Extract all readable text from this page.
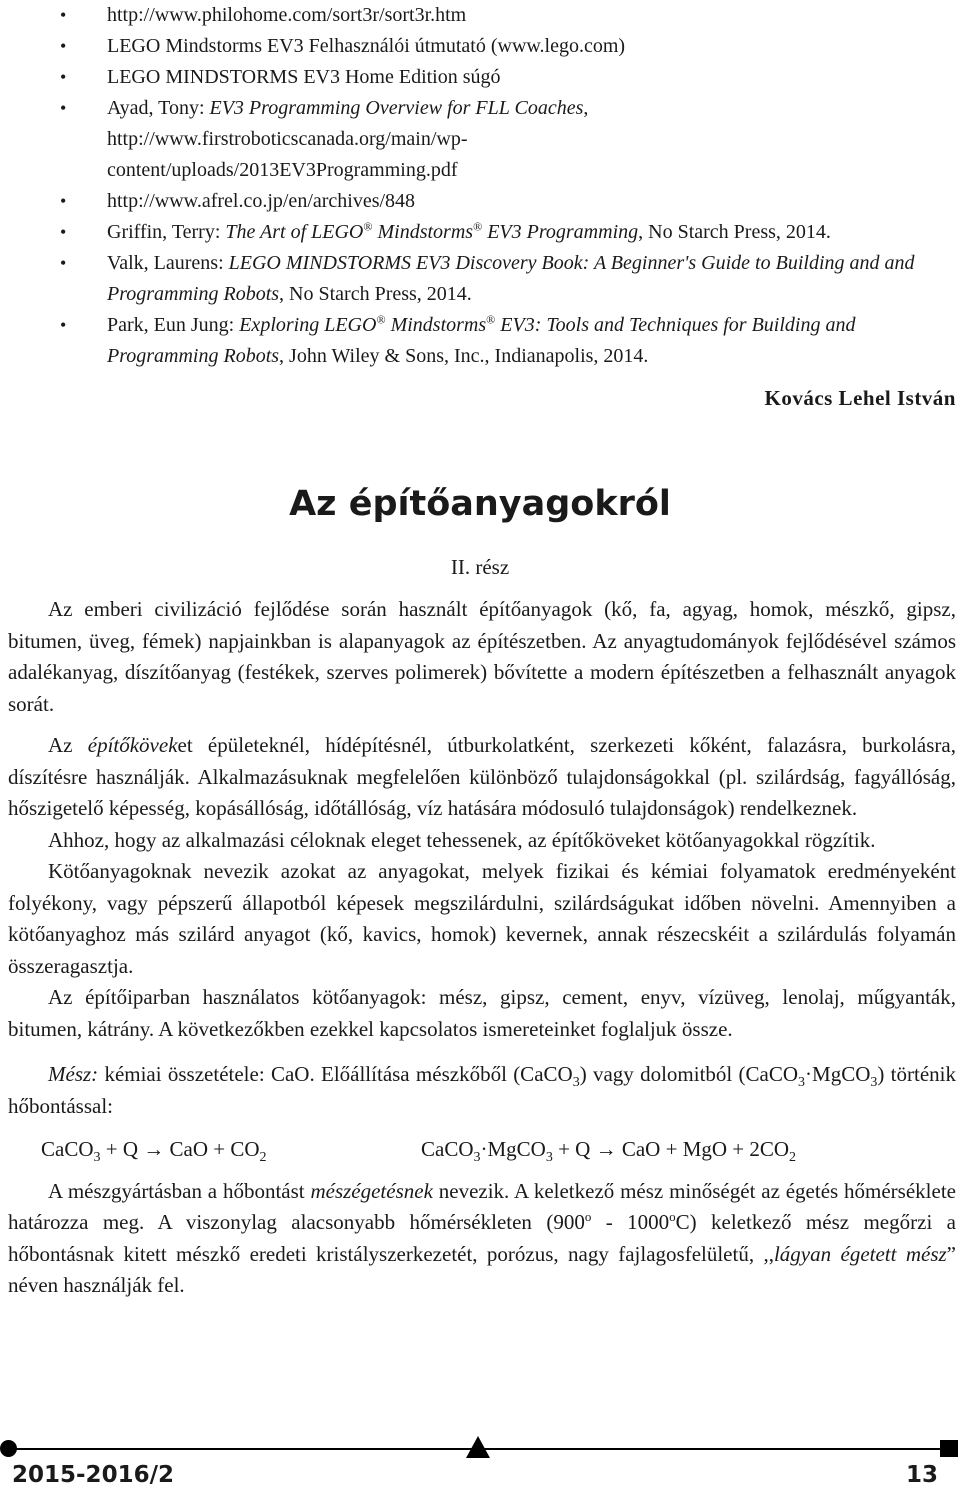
• http://www.philohome.com/sort3r/sort3r.htm
• LEGO Mindstorms EV3 Felhasználói útmutató (www.lego.com)
• LEGO MINDSTORMS EV3 Home Edition súgó
• Ayad, Tony: EV3 Programming Overview for FLL Coaches,
http://www.firstroboticscanada.org/main/wp-
content/uploads/2013EV3Programming.pdf
• http://www.afrel.co.jp/en/archives/848
• Griffin, Terry: The Art of LEGO® Mindstorms® EV3 Programming, No Starch Press, 2014.
• Valk, Laurens: LEGO MINDSTORMS EV3 Discovery Book: A Beginner's Guide to Building and and Programming Robots, No Starch Press, 2014.
• Park, Eun Jung: Exploring LEGO® Mindstorms® EV3: Tools and Techniques for Building and Programming Robots, John Wiley & Sons, Inc., Indianapolis, 2014.
Kovács Lehel István
Az építőanyagokról
II. rész

Az emberi civilizáció fejlődése során használt építőanyagok (kő, fa, agyag, homok, mészkő, gipsz, bitumen, üveg, fémek) napjainkban is alapanyagok az építészetben. Az anyagtudományok fejlődésével számos adalékanyag, díszítőanyag (festékek, szerves polimerek) bővítette a modern építészetben a felhasznált anyagok sorát.

Az építőköveket épületeknél, hídépítésnél, útburkolatként, szerkezeti kőként, falazásra, burkolásra, díszítésre használják. Alkalmazásuknak megfelelően különböző tulajdonságokkal (pl. szilárdság, fagyállóság, hőszigetelő képesség, kopásállóság, időtállóság, víz hatására módosuló tulajdonságok) rendelkeznek.

Ahhoz, hogy az alkalmazási céloknak eleget tehessenek, az építőköveket kötőanyagokkal rögzítik.

Kötőanyagoknak nevezik azokat az anyagokat, melyek fizikai és kémiai folyamatok eredményeként folyékony, vagy pépszerű állapotból képesek megszilárdulni, szilárdságukat időben növelni. Amennyiben a kötőanyaghoz más szilárd anyagot (kő, kavics, homok) kevernek, annak részecskéit a szilárdulás folyamán összeragasztja.

Az építőiparban használatos kötőanyagok: mész, gipsz, cement, enyv, vízüveg, lenolaj, műgyanták, bitumen, kátrány. A következőkben ezekkel kapcsolatos ismereteinket foglaljuk össze.

Mész: kémiai összetétele: CaO. Előállítása mészkőből (CaCO$_3$) vagy dolomitból (CaCO$_3$·MgCO$_3$) történik hőbontással:

CaCO$_3$ + Q → CaO + $CO_2$	CaCO$_3$·MgCO$_3$ + Q → CaO + MgO + $2CO_2$

A mészgyártásban a hőbontást mészégetésnek nevezik. A keletkező mész minőségét az égetés hőmérséklete határozza meg. A viszonylag alacsonyabb hőmérsékleten (900$^o$ - 1000$^o$C) keletkező mész megőrzi a hőbontásnak kitett mészkő eredeti kristályszerkezetét, porózus, nagy fajlagosfelületű, ,,lágyan égetett mész” néven használják fel.

2015-2016/2	13
